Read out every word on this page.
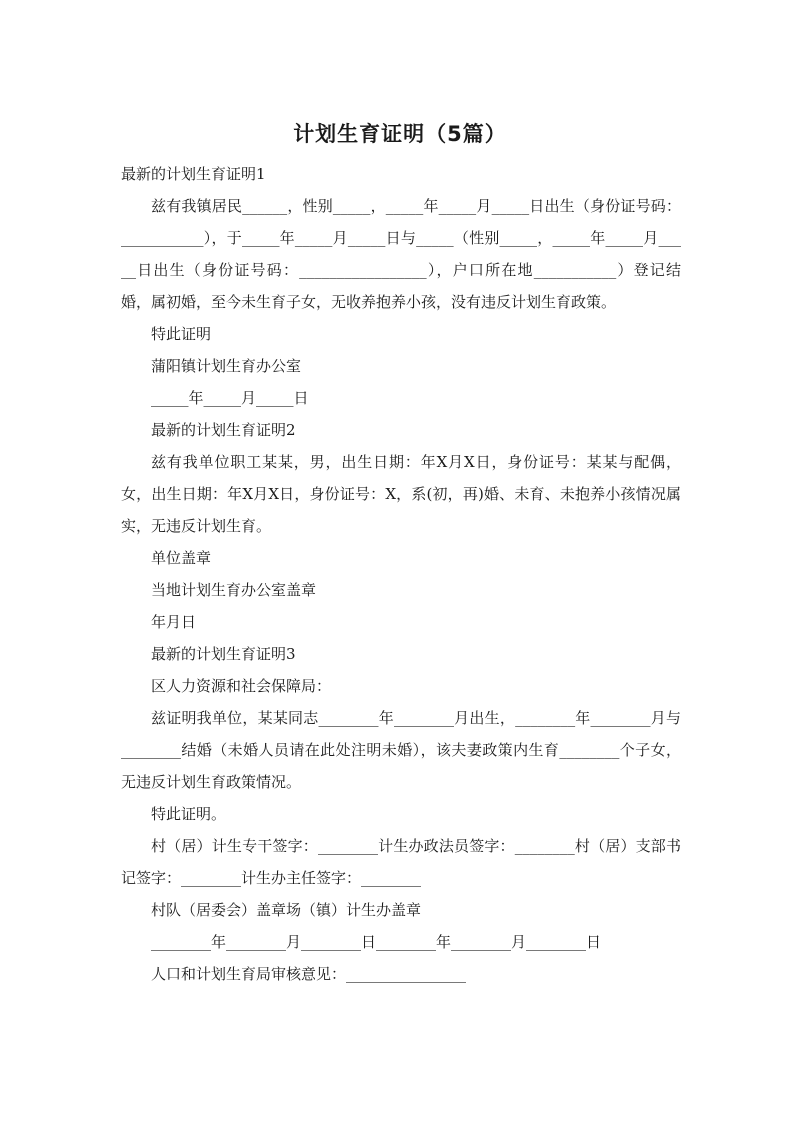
计划生育证明（5篇）

最新的计划生育证明1

兹有我镇居民______，性别_____，_____年_____月_____日出生（身份证号码：___________），于_____年_____月_____日与_____（性别_____，_____年_____月_____日出生（身份证号码：_________________），户口所在地___________）登记结婚，属初婚，至今未生育子女，无收养抱养小孩，没有违反计划生育政策。

特此证明

蒲阳镇计划生育办公室

_____年_____月_____日

最新的计划生育证明2

兹有我单位职工某某，男，出生日期：年X月X日，身份证号：某某与配偶，女，出生日期：年X月X日，身份证号：X，系(初，再)婚、未育、未抱养小孩情况属实，无违反计划生育。

单位盖章

当地计划生育办公室盖章

年月日

最新的计划生育证明3

区人力资源和社会保障局：

兹证明我单位，某某同志________年________月出生，________年________月与________结婚（未婚人员请在此处注明未婚），该夫妻政策内生育________个子女，无违反计划生育政策情况。

特此证明。

村（居）计生专干签字：________计生办政法员签字：________村（居）支部书记签字：________计生办主任签字：________

村队（居委会）盖章场（镇）计生办盖章

________年________月________日________年________月________日

人口和计划生育局审核意见：________________
